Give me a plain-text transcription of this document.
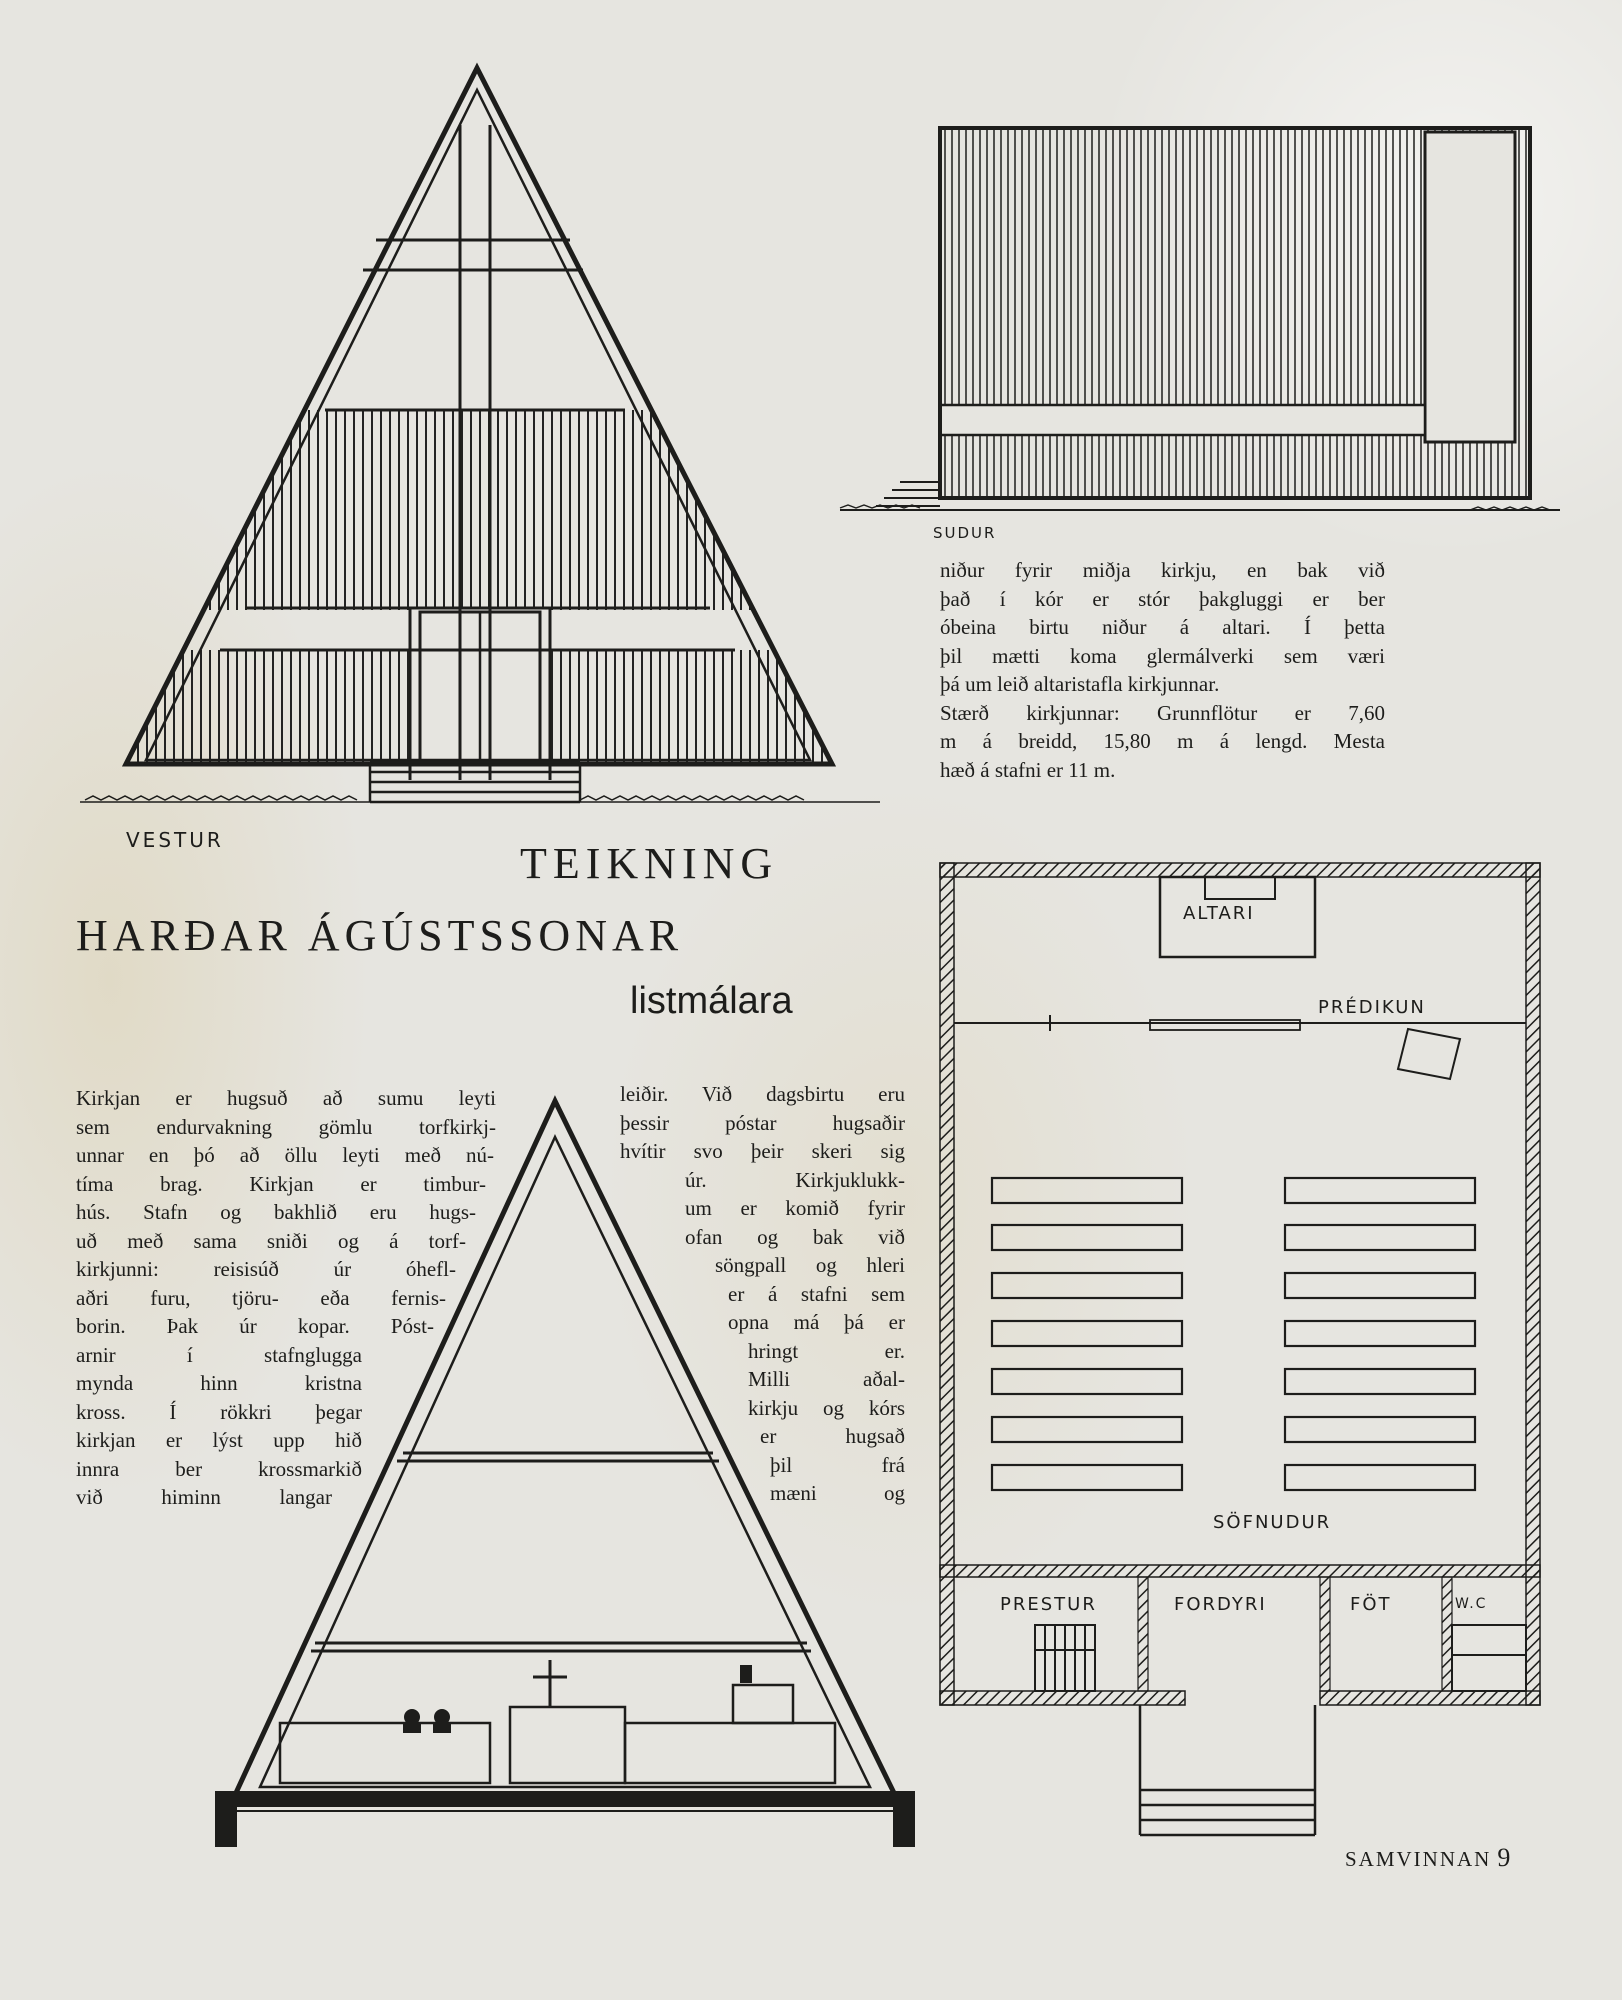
VESTUR
SUDUR
ALTARI
PRÉDIKUN
SÖFNUDUR
PRESTUR	FORDYRI	FÖT	W.C
TEIKNING
HARÐAR ÁGÚSTSSONAR
listmálara
Kirkjan er hugsuð að sumu leyti
sem endurvakning gömlu torfkirkj-
unnar en þó að öllu leyti með nú-
tíma brag. Kirkjan er timbur-
hús. Stafn og bakhlið eru hugs-
uð með sama sniði og á torf-
kirkjunni: reisisúð úr óhefl-
aðri furu, tjöru- eða fernis-
borin. Þak úr kopar. Póst-
arnir í stafnglugga
mynda hinn kristna
kross. Í rökkri þegar
kirkjan er lýst upp hið
innra ber krossmarkið
við himinn langar
leiðir. Við dagsbirtu eru
þessir póstar hugsaðir
hvítir svo þeir skeri sig
úr. Kirkjuklukk-
um er komið fyrir
ofan og bak við
söngpall og hleri
er á stafni sem
opna má þá er
hringt er.
Milli aðal-
kirkju og kórs
er hugsað
þil frá
mæni og
niður fyrir miðja kirkju, en bak við
það í kór er stór þakgluggi er ber
óbeina birtu niður á altari. Í þetta
þil mætti koma glermálverki sem væri
þá um leið altaristafla kirkjunnar.
Stærð kirkjunnar: Grunnflötur er 7,60
m á breidd, 15,80 m á lengd. Mesta
hæð á stafni er 11 m.
SAMVINNAN 9
